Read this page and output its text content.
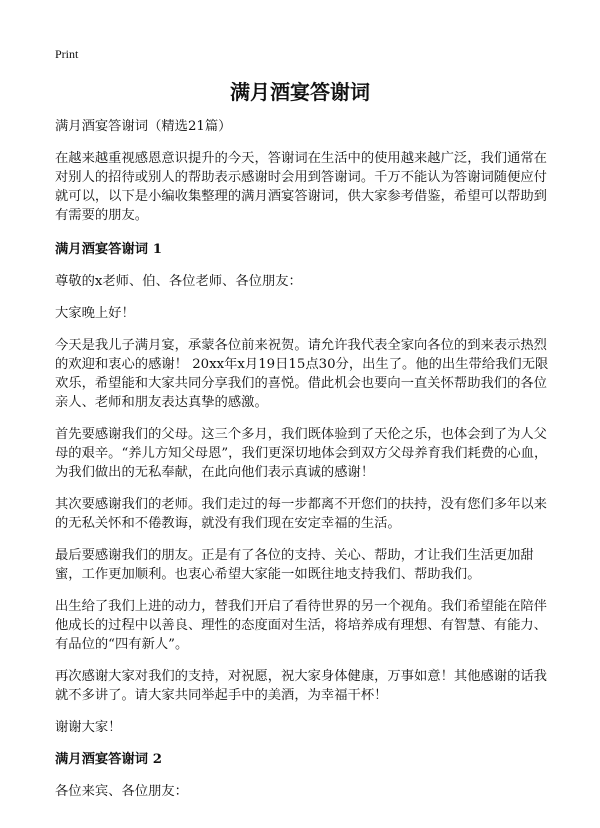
Print
满月酒宴答谢词

满月酒宴答谢词（精选21篇）

在越来越重视感恩意识提升的今天，答谢词在生活中的使用越来越广泛，我们通常在对别人的招待或别人的帮助表示感谢时会用到答谢词。千万不能认为答谢词随便应付就可以，以下是小编收集整理的满月酒宴答谢词，供大家参考借鉴，希望可以帮助到有需要的朋友。

满月酒宴答谢词 1

尊敬的x老师、伯、各位老师、各位朋友：

大家晚上好！

今天是我儿子满月宴，承蒙各位前来祝贺。请允许我代表全家向各位的到来表示热烈的欢迎和衷心的感谢！ 20xx年x月19日15点30分，出生了。他的出生带给我们无限欢乐，希望能和大家共同分享我们的喜悦。借此机会也要向一直关怀帮助我们的各位亲人、老师和朋友表达真挚的感激。

首先要感谢我们的父母。这三个多月，我们既体验到了天伦之乐，也体会到了为人父母的艰辛。“养儿方知父母恩”，我们更深切地体会到双方父母养育我们耗费的心血，为我们做出的无私奉献，在此向他们表示真诚的感谢！

其次要感谢我们的老师。我们走过的每一步都离不开您们的扶持，没有您们多年以来的无私关怀和不倦教诲，就没有我们现在安定幸福的生活。

最后要感谢我们的朋友。正是有了各位的支持、关心、帮助，才让我们生活更加甜蜜，工作更加顺利。也衷心希望大家能一如既往地支持我们、帮助我们。

出生给了我们上进的动力，替我们开启了看待世界的另一个视角。我们希望能在陪伴他成长的过程中以善良、理性的态度面对生活，将培养成有理想、有智慧、有能力、有品位的“四有新人”。

再次感谢大家对我们的支持，对祝愿，祝大家身体健康，万事如意！其他感谢的话我就不多讲了。请大家共同举起手中的美酒，为幸福干杯！

谢谢大家！

满月酒宴答谢词 2

各位来宾、各位朋友：
